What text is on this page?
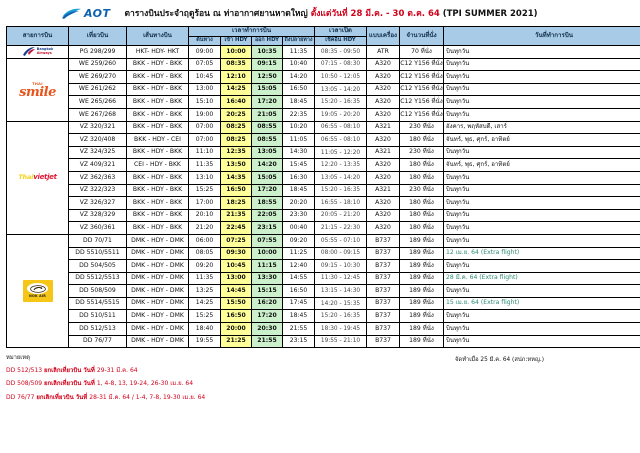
AOT ตารางบินประจำฤดูร้อน ณ ท่าอากาศยานหาดใหญ่ ตั้งแต่วันที่ 28 มี.ค. - 30 ต.ค. 64 (TPI SUMMER 2021)
สายการบิน	เที่ยวบิน	เส้นทางบิน	เวลาทำการบิน				เวลาเปิด	แบบเครื่อง	จำนวนที่นั่ง	วันที่ทำการบิน
			ต้นทาง	เข้า HDY	ออก HDY	ถึงปลายทาง	เช็คอิน HDY			

Bangkok
Airways	PG 298/299	HKT- HDY- HKT	09:00	10:00	10:35	11:35	08:35 - 09:50	ATR	70 ที่นั่ง	บินทุกวัน

THAI
smile	WE 259/260	BKK - HDY - BKK	07:05	08:35	09:15	10:40	07:15 - 08:30	A320	C12 Y156 ที่นั่ง	บินทุกวัน
	WE 269/270	BKK - HDY - BKK	10:45	12:10	12:50	14:20	10:50 - 12:05	A320	C12 Y156 ที่นั่ง	บินทุกวัน
	WE 261/262	BKK - HDY - BKK	13:00	14:25	15:05	16:50	13:05 - 14:20	A320	C12 Y156 ที่นั่ง	บินทุกวัน
	WE 265/266	BKK - HDY - BKK	15:10	16:40	17:20	18:45	15:20 - 16:35	A320	C12 Y156 ที่นั่ง	บินทุกวัน
	WE 267/268	BKK - HDY - BKK	19:00	20:25	21:05	22:35	19:05 - 20:20	A320	C12 Y156 ที่นั่ง	บินทุกวัน

Thaivietjet	VZ 320/321	BKK - HDY - BKK	07:00	08:25	08:55	10:20	06:55 - 08:10	A321	230 ที่นั่ง	อังคาร, พฤหัสบดี, เสาร์
	VZ 320/408	BKK - HDY - CEI	07:00	08:25	08:55	11:05	06:55 - 08:10	A320	180 ที่นั่ง	จันทร์, พุธ, ศุกร์, อาทิตย์
	VZ 324/325	BKK - HDY - BKK	11:10	12:35	13:05	14:30	11:05 - 12:20	A321	230 ที่นั่ง	บินทุกวัน
	VZ 409/321	CEI - HDY - BKK	11:35	13:50	14:20	15:45	12:20 - 13:35	A320	180 ที่นั่ง	จันทร์, พุธ, ศุกร์, อาทิตย์
	VZ 362/363	BKK - HDY - BKK	13:10	14:35	15:05	16:30	13:05 - 14:20	A320	180 ที่นั่ง	บินทุกวัน
	VZ 322/323	BKK - HDY - BKK	15:25	16:50	17:20	18:45	15:20 - 16:35	A321	230 ที่นั่ง	บินทุกวัน
	VZ 326/327	BKK - HDY - BKK	17:00	18:25	18:55	20:20	16:55 - 18:10	A320	180 ที่นั่ง	บินทุกวัน
	VZ 328/329	BKK - HDY - BKK	20:10	21:35	22:05	23:30	20:05 - 21:20	A320	180 ที่นั่ง	บินทุกวัน
	VZ 360/361	BKK - HDY - BKK	21:20	22:45	23:15	00:40	21:15 - 22:30	A320	180 ที่นั่ง	บินทุกวัน

NOK AIR	DD 70/71	DMK - HDY - DMK	06:00	07:25	07:55	09:20	05:55 - 07:10	B737	189 ที่นั่ง	บินทุกวัน
	DD 5510/5511	DMK - HDY - DMK	08:05	09:30	10:00	11:25	08:00 - 09:15	B737	189 ที่นั่ง	12 เม.ย. 64 (Extra flight)
	DD 504/505	DMK - HDY - DMK	09:20	10:45	11:15	12:40	09:15 - 10:30	B737	189 ที่นั่ง	บินทุกวัน
	DD 5512/5513	DMK - HDY - DMK	11:35	13:00	13:30	14:55	11:30 - 12:45	B737	189 ที่นั่ง	28 มี.ค. 64 (Extra flight)
	DD 508/509	DMK - HDY - DMK	13:25	14:45	15:15	16:50	13:15 - 14:30	B737	189 ที่นั่ง	บินทุกวัน
	DD 5514/5515	DMK - HDY - DMK	14:25	15:50	16:20	17:45	14:20 - 15:35	B737	189 ที่นั่ง	15 เม.ย. 64 (Extra flight)
	DD 510/511	DMK - HDY - DMK	15:25	16:50	17:20	18:45	15:20 - 16:35	B737	189 ที่นั่ง	บินทุกวัน
	DD 512/513	DMK - HDY - DMK	18:40	20:00	20:30	21:55	18:30 - 19:45	B737	189 ที่นั่ง	บินทุกวัน
	DD 76/77	DMK - HDY - DMK	19:55	21:25	21:55	23:15	19:55 - 21:10	B737	189 ที่นั่ง	บินทุกวัน
หมายเหตุ
DD 512/513 ยกเลิกเที่ยวบิน วันที่ 29-31 มี.ค. 64
DD 508/509 ยกเลิกเที่ยวบิน วันที่ 1, 4-8, 13, 19-24, 26-30 เม.ย. 64
DD 76/77 ยกเลิกเที่ยวบิน วันที่ 28-31 มี.ค. 64 / 1-4, 7-8, 19-30 เม.ย. 64
จัดทำเมื่อ 25 มี.ค. 64 (สปภ:หหญ.)
